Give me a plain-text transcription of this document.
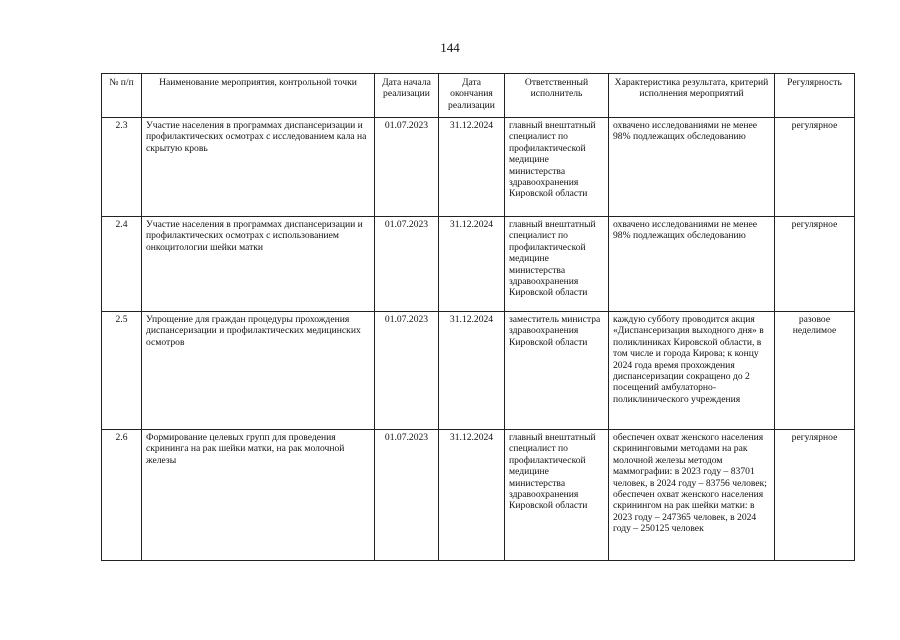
144
№ п/п	Наименование мероприятия, контрольной точки	Дата начала реализации	Дата окончания реализации	Ответственный исполнитель	Характеристика результата, критерий исполнения мероприятий	Регулярность
2.3	Участие населения в программах диспансеризации и профилактических осмотрах с исследованием кала на скрытую кровь	01.07.2023	31.12.2024	главный внештатный специалист по профилактической медицине министерства здравоохранения Кировской области	охвачено исследованиями не менее 98% подлежащих обследованию	регулярное
2.4	Участие населения в программах диспансеризации и профилактических осмотрах с использованием онкоцитологии шейки матки	01.07.2023	31.12.2024	главный внештатный специалист по профилактической медицине министерства здравоохранения Кировской области	охвачено исследованиями не менее 98% подлежащих обследованию	регулярное
2.5	Упрощение для граждан процедуры прохождения диспансеризации и профилактических медицинских осмотров	01.07.2023	31.12.2024	заместитель министра здравоохранения Кировской области	каждую субботу проводится акция «Диспансеризация выходного дня» в поликлиниках Кировской области, в том числе и города Кирова; к концу 2024 года время прохождения диспансеризации сокращено до 2 посещений амбулаторно-поликлинического учреждения	разовое неделимое
2.6	Формирование целевых групп для проведения скрининга на рак шейки матки, на рак молочной железы	01.07.2023	31.12.2024	главный внештатный специалист по профилактической медицине министерства здравоохранения Кировской области	обеспечен охват женского населения скрининговыми методами на рак молочной железы методом маммографии: в 2023 году – 83701 человек, в 2024 году – 83756 человек; обеспечен охват женского населения скринингом на рак шейки матки: в 2023 году – 247365 человек, в 2024 году – 250125 человек	регулярное
